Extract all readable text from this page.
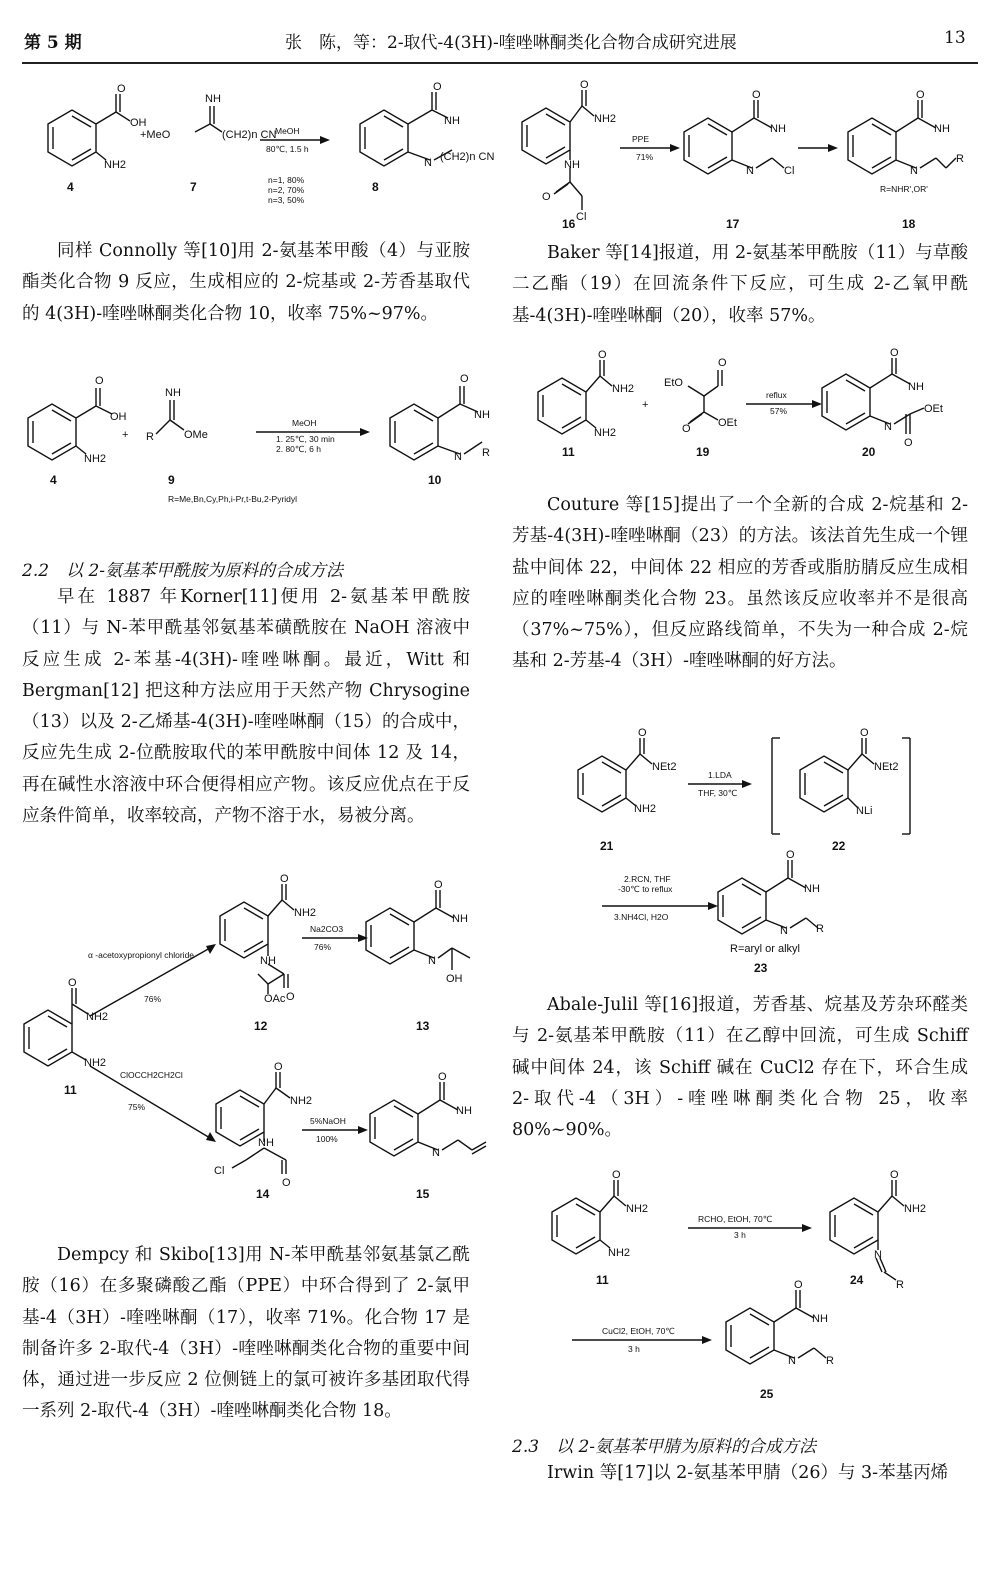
第 5 期	张　陈，等：2-取代-4(3H)-喹唑啉酮类化合物合成研究进展	13
O
OH
NH2
+MeO
NH
(CH2)n CN
MeOH
80℃, 1.5 h
n=1, 80%
n=2, 70%
n=3, 50%
O
NH
N (CH2)n CN
4	7	8
同样 Connolly 等[10]用 2-氨基苯甲酸（4）与亚胺酯类化合物 9 反应，生成相应的 2-烷基或 2-芳香基取代的 4(3H)-喹唑啉酮类化合物 10，收率 75%~97%。
O
OH
NH2
+ R
NH
OMe
MeOH
1. 25℃, 30 min
2. 80℃, 6 h
O
NH
N R
4	9	10
R=Me,Bn,Cy,Ph,i-Pr,t-Bu,2-Pyridyl
2.2　以 2-氨基苯甲酰胺为原料的合成方法
早在 1887 年Korner[11]便用 2-氨基苯甲酰胺（11）与 N-苯甲酰基邻氨基苯磺酰胺在 NaOH 溶液中反应生成 2-苯基-4(3H)-喹唑啉酮。最近，Witt 和Bergman[12] 把这种方法应用于天然产物 Chrysogine（13）以及 2-乙烯基-4(3H)-喹唑啉酮（15）的合成中，反应先生成 2-位酰胺取代的苯甲酰胺中间体 12 及 14，再在碱性水溶液中环合便得相应产物。该反应优点在于反应条件简单，收率较高，产物不溶于水，易被分离。
O
NH2
NH
O
OAc
α -acetoxypropionyl chloride
76%
Na2CO3
76%
O
NH
N
OH
O
NH2
NH2
ClOCCH2CH2Cl
75%
O
NH2
NH
O
Cl
5%NaOH
100%
O
NH
N
12	13
11
14	15
Dempcy 和 Skibo[13]用 N-苯甲酰基邻氨基氯乙酰胺（16）在多聚磷酸乙酯（PPE）中环合得到了 2-氯甲基-4（3H）-喹唑啉酮（17），收率 71%。化合物 17 是制备许多 2-取代-4（3H）-喹唑啉酮类化合物的重要中间体，通过进一步反应 2 位侧链上的氯可被许多基团取代得一系列 2-取代-4（3H）-喹唑啉酮类化合物 18。
O
NH2
NH
O
Cl
PPE
71%
O
NH
N	Cl
O
NH
N
R
R=NHR',OR'
16	17	18
Baker 等[14]报道，用 2-氨基苯甲酰胺（11）与草酸二乙酯（19）在回流条件下反应，可生成 2-乙氧甲酰基-4(3H)-喹唑啉酮（20），收率 57%。
O
NH2
NH2
+
EtO
O
O OEt
reflux
57%
O
NH
N
OEt
O
11	19	20
Couture 等[15]提出了一个全新的合成 2-烷基和 2-芳基-4(3H)-喹唑啉酮（23）的方法。该法首先生成一个锂盐中间体 22，中间体 22 相应的芳香或脂肪腈反应生成相应的喹唑啉酮类化合物 23。虽然该反应收率并不是很高（37%~75%），但反应路线简单，不失为一种合成 2-烷基和 2-芳基-4（3H）-喹唑啉酮的好方法。
O
NEt2
NH2
1.LDA
THF, 30℃
O
NEt2
NLi
21	22
2.RCN, THF
-30℃ to reflux
3.NH4Cl, H2O
O
NH
N	R
R=aryl or alkyl
23
Abale-Julil 等[16]报道，芳香基、烷基及芳杂环醛类与 2-氨基苯甲酰胺（11）在乙醇中回流，可生成 Schiff 碱中间体 24，该 Schiff 碱在 CuCl2 存在下，环合生成 2-取代-4（3H）-喹唑啉酮类化合物 25，收率 80%~90%。
O
NH2
NH2
RCHO, EtOH, 70℃
3 h
O
NH2
N
R
11	24
CuCl2, EtOH, 70℃
3 h
O
NH
N	R
25
2.3　以 2-氨基苯甲腈为原料的合成方法
Irwin 等[17]以 2-氨基苯甲腈（26）与 3-苯基丙烯
